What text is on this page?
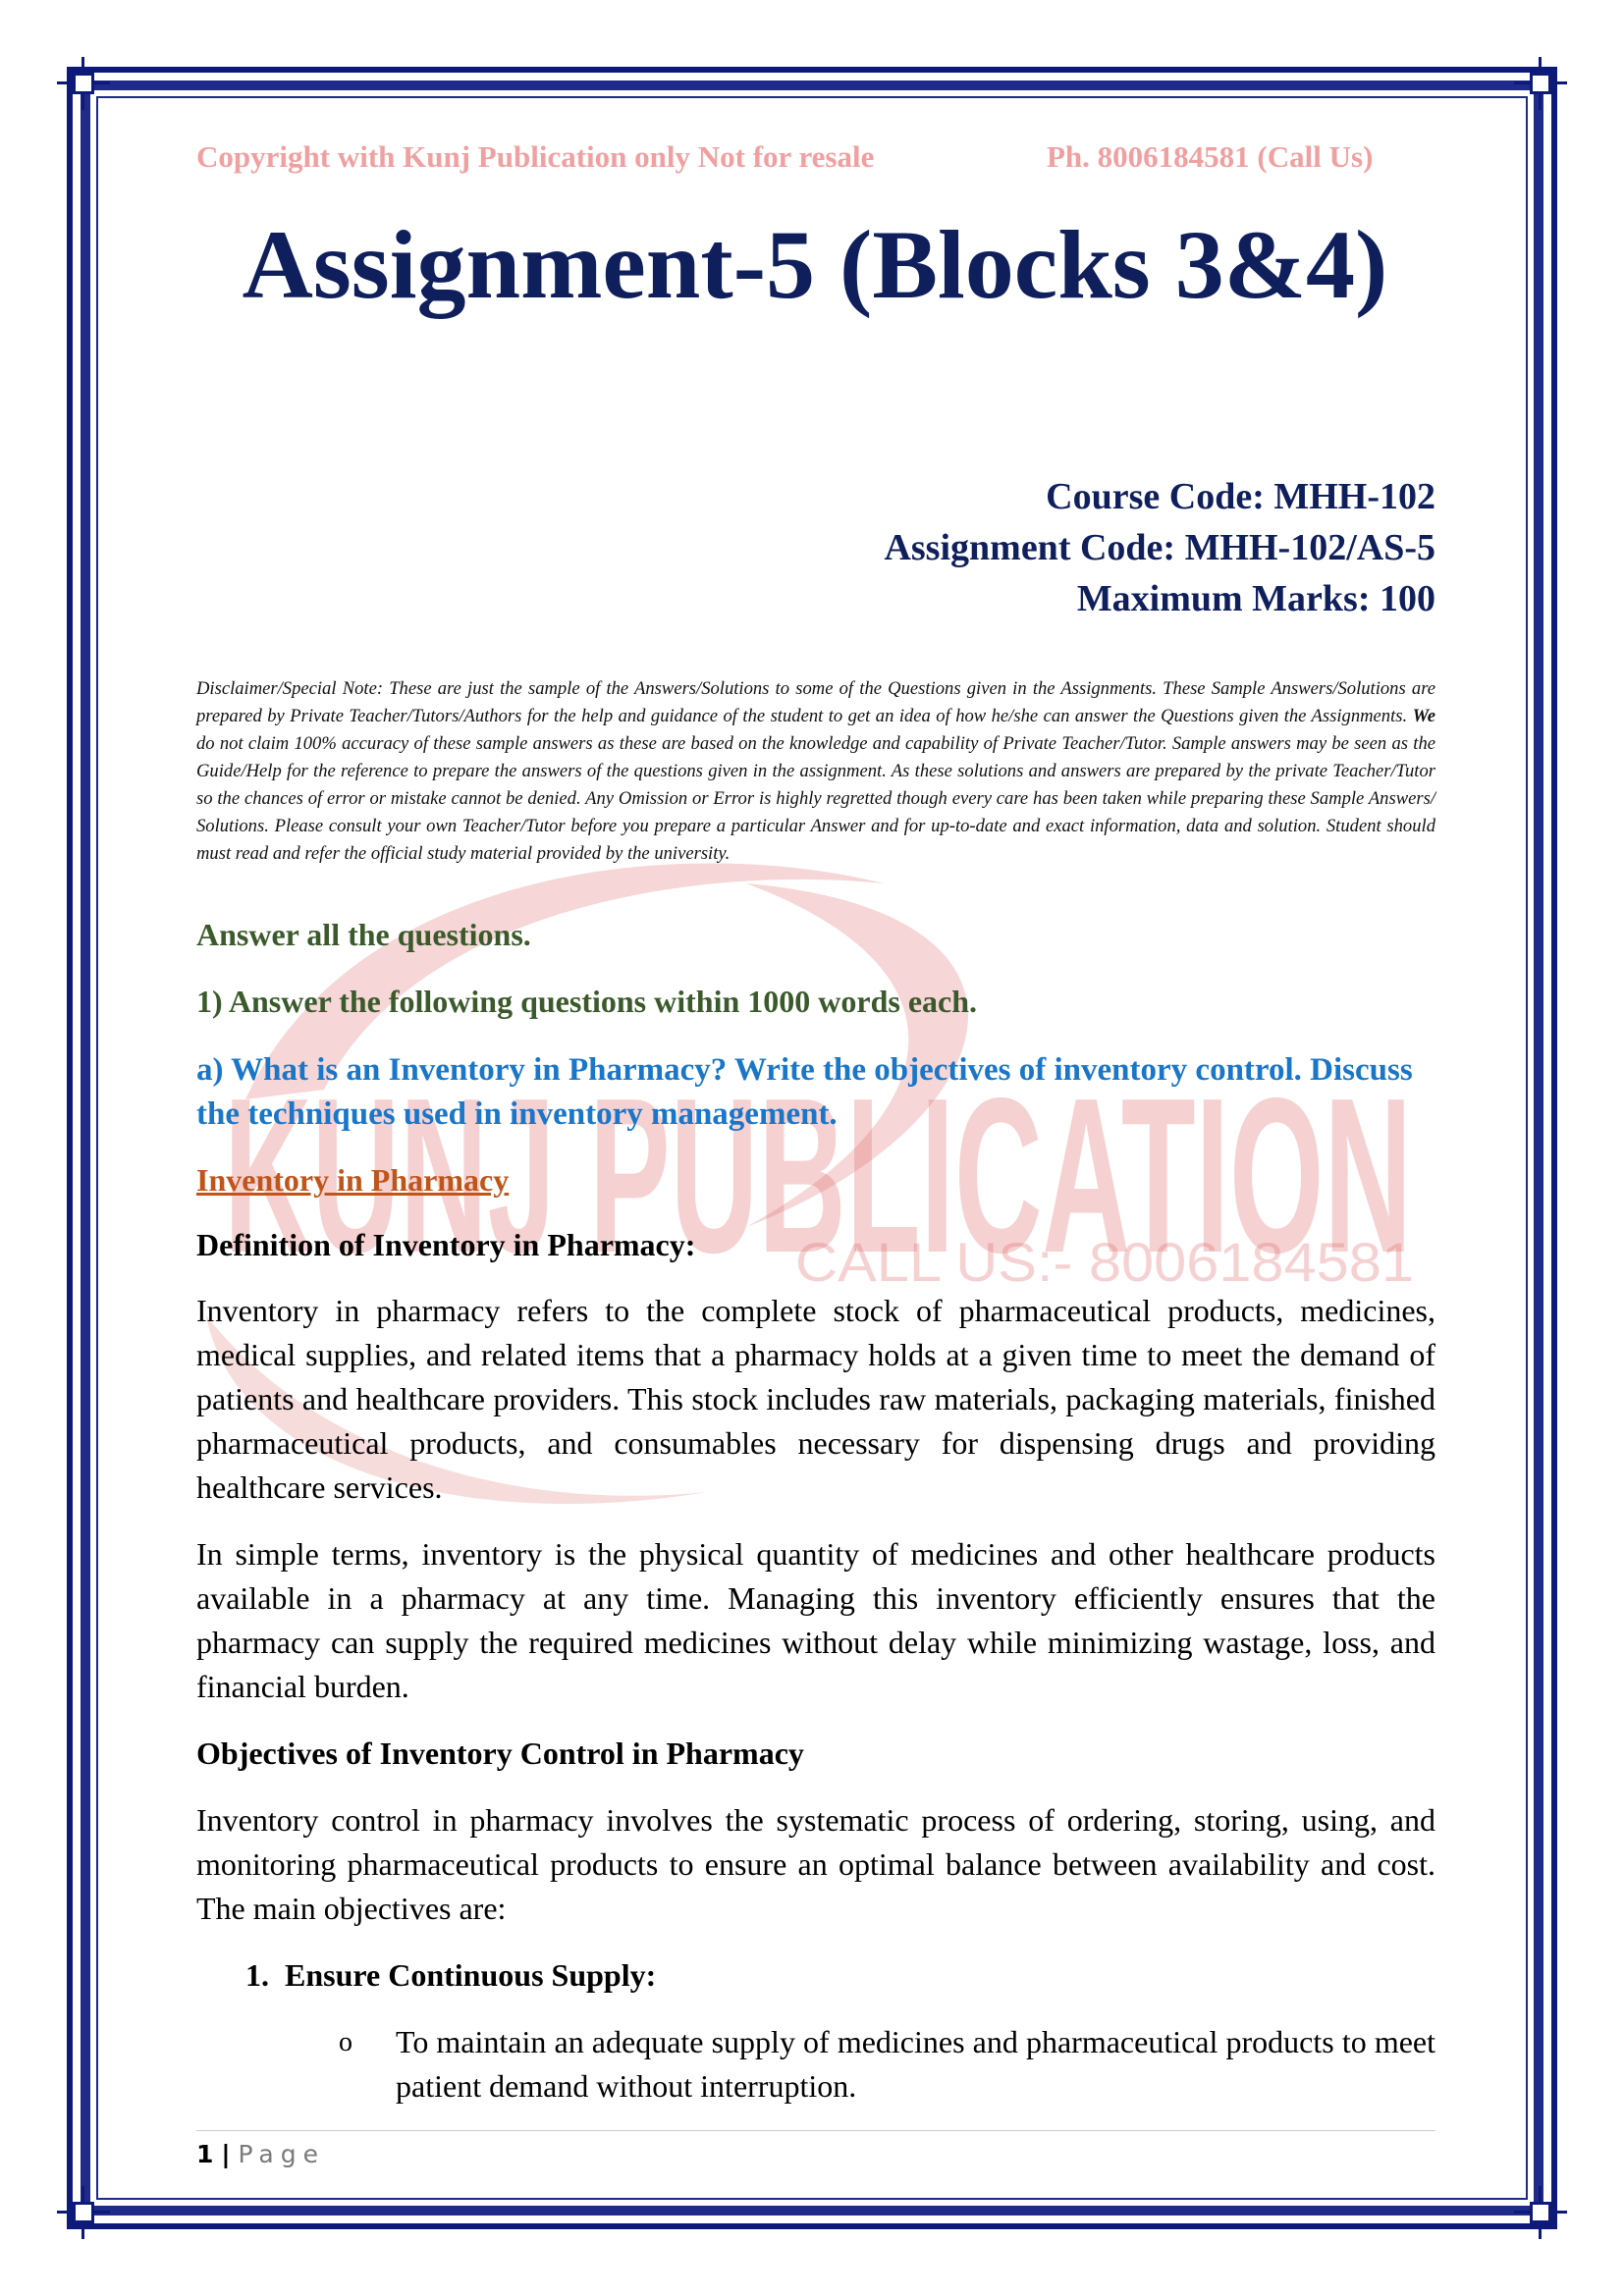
KUNJ PUBLICATION
CALL US:- 8006184581
Copyright with Kunj Publication only Not for resale	Ph. 8006184581 (Call Us)
Assignment-5 (Blocks 3&4)
Course Code: MHH-102
Assignment Code: MHH-102/AS-5
Maximum Marks: 100
Disclaimer/Special Note: These are just the sample of the Answers/Solutions to some of the Questions given in the Assignments. These Sample Answers/Solutions are prepared by Private Teacher/Tutors/Authors for the help and guidance of the student to get an idea of how he/she can answer the Questions given the Assignments. We do not claim 100% accuracy of these sample answers as these are based on the knowledge and capability of Private Teacher/Tutor. Sample answers may be seen as the Guide/Help for the reference to prepare the answers of the questions given in the assignment. As these solutions and answers are prepared by the private Teacher/Tutor so the chances of error or mistake cannot be denied. Any Omission or Error is highly regretted though every care has been taken while preparing these Sample Answers/ Solutions. Please consult your own Teacher/Tutor before you prepare a particular Answer and for up-to-date and exact information, data and solution. Student should must read and refer the official study material provided by the university.
Answer all the questions.
1) Answer the following questions within 1000 words each.
a) What is an Inventory in Pharmacy? Write the objectives of inventory control. Discuss the techniques used in inventory management.
Inventory in Pharmacy
Definition of Inventory in Pharmacy:
Inventory in pharmacy refers to the complete stock of pharmaceutical products, medicines, medical supplies, and related items that a pharmacy holds at a given time to meet the demand of patients and healthcare providers. This stock includes raw materials, packaging materials, finished pharmaceutical products, and consumables necessary for dispensing drugs and providing healthcare services.
In simple terms, inventory is the physical quantity of medicines and other healthcare products available in a pharmacy at any time. Managing this inventory efficiently ensures that the pharmacy can supply the required medicines without delay while minimizing wastage, loss, and financial burden.
Objectives of Inventory Control in Pharmacy
Inventory control in pharmacy involves the systematic process of ordering, storing, using, and monitoring pharmaceutical products to ensure an optimal balance between availability and cost. The main objectives are:
1. Ensure Continuous Supply:
o To maintain an adequate supply of medicines and pharmaceutical products to meet patient demand without interruption.
1 | Page
